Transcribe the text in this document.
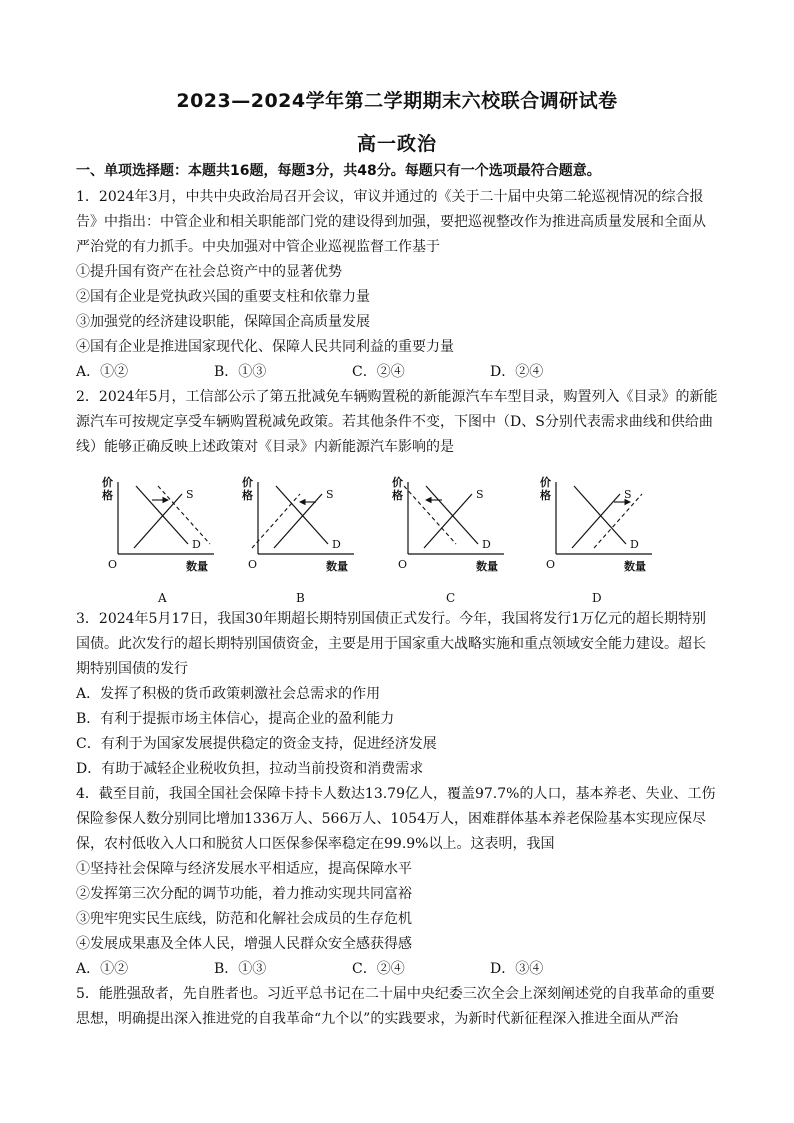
2023—2024学年第二学期期末六校联合调研试卷
高一政治
一、单项选择题：本题共16题，每题3分，共48分。每题只有一个选项最符合题意。
1．2024年3月，中共中央政治局召开会议，审议并通过的《关于二十届中央第二轮巡视情况的综合报
告》中指出：中管企业和相关职能部门党的建设得到加强，要把巡视整改作为推进高质量发展和全面从
严治党的有力抓手。中央加强对中管企业巡视监督工作基于
①提升国有资产在社会总资产中的显著优势
②国有企业是党执政兴国的重要支柱和依靠力量
③加强党的经济建设职能，保障国企高质量发展
④国有企业是推进国家现代化、保障人民共同利益的重要力量
A．①②	B．①③	C．②④	D．②④
2．2024年5月，工信部公示了第五批减免车辆购置税的新能源汽车车型目录，购置列入《目录》的新能
源汽车可按规定享受车辆购置税减免政策。若其他条件不变，下图中（D、S分别代表需求曲线和供给曲
线）能够正确反映上述政策对《目录》内新能源汽车影响的是
价
格
数量
O
S
D
价
格
数量
O
S
D
价
格
数量
O
S
D
价
格
数量
O
S
D
A	B	C	D
3．2024年5月17日，我国30年期超长期特别国债正式发行。今年，我国将发行1万亿元的超长期特别
国债。此次发行的超长期特别国债资金，主要是用于国家重大战略实施和重点领域安全能力建设。超长
期特别国债的发行
A．发挥了积极的货币政策刺激社会总需求的作用
B．有利于提振市场主体信心，提高企业的盈利能力
C．有利于为国家发展提供稳定的资金支持，促进经济发展
D．有助于减轻企业税收负担，拉动当前投资和消费需求
4．截至目前，我国全国社会保障卡持卡人数达13.79亿人，覆盖97.7%的人口，基本养老、失业、工伤
保险参保人数分别同比增加1336万人、566万人、1054万人，困难群体基本养老保险基本实现应保尽
保，农村低收入人口和脱贫人口医保参保率稳定在99.9%以上。这表明，我国
①坚持社会保障与经济发展水平相适应，提高保障水平
②发挥第三次分配的调节功能，着力推动实现共同富裕
③兜牢兜实民生底线，防范和化解社会成员的生存危机
④发展成果惠及全体人民，增强人民群众安全感获得感
A．①②	B．①③	C．②④	D．③④
5．能胜强敌者，先自胜者也。习近平总书记在二十届中央纪委三次全会上深刻阐述党的自我革命的重要
思想，明确提出深入推进党的自我革命“九个以”的实践要求，为新时代新征程深入推进全面从严治
